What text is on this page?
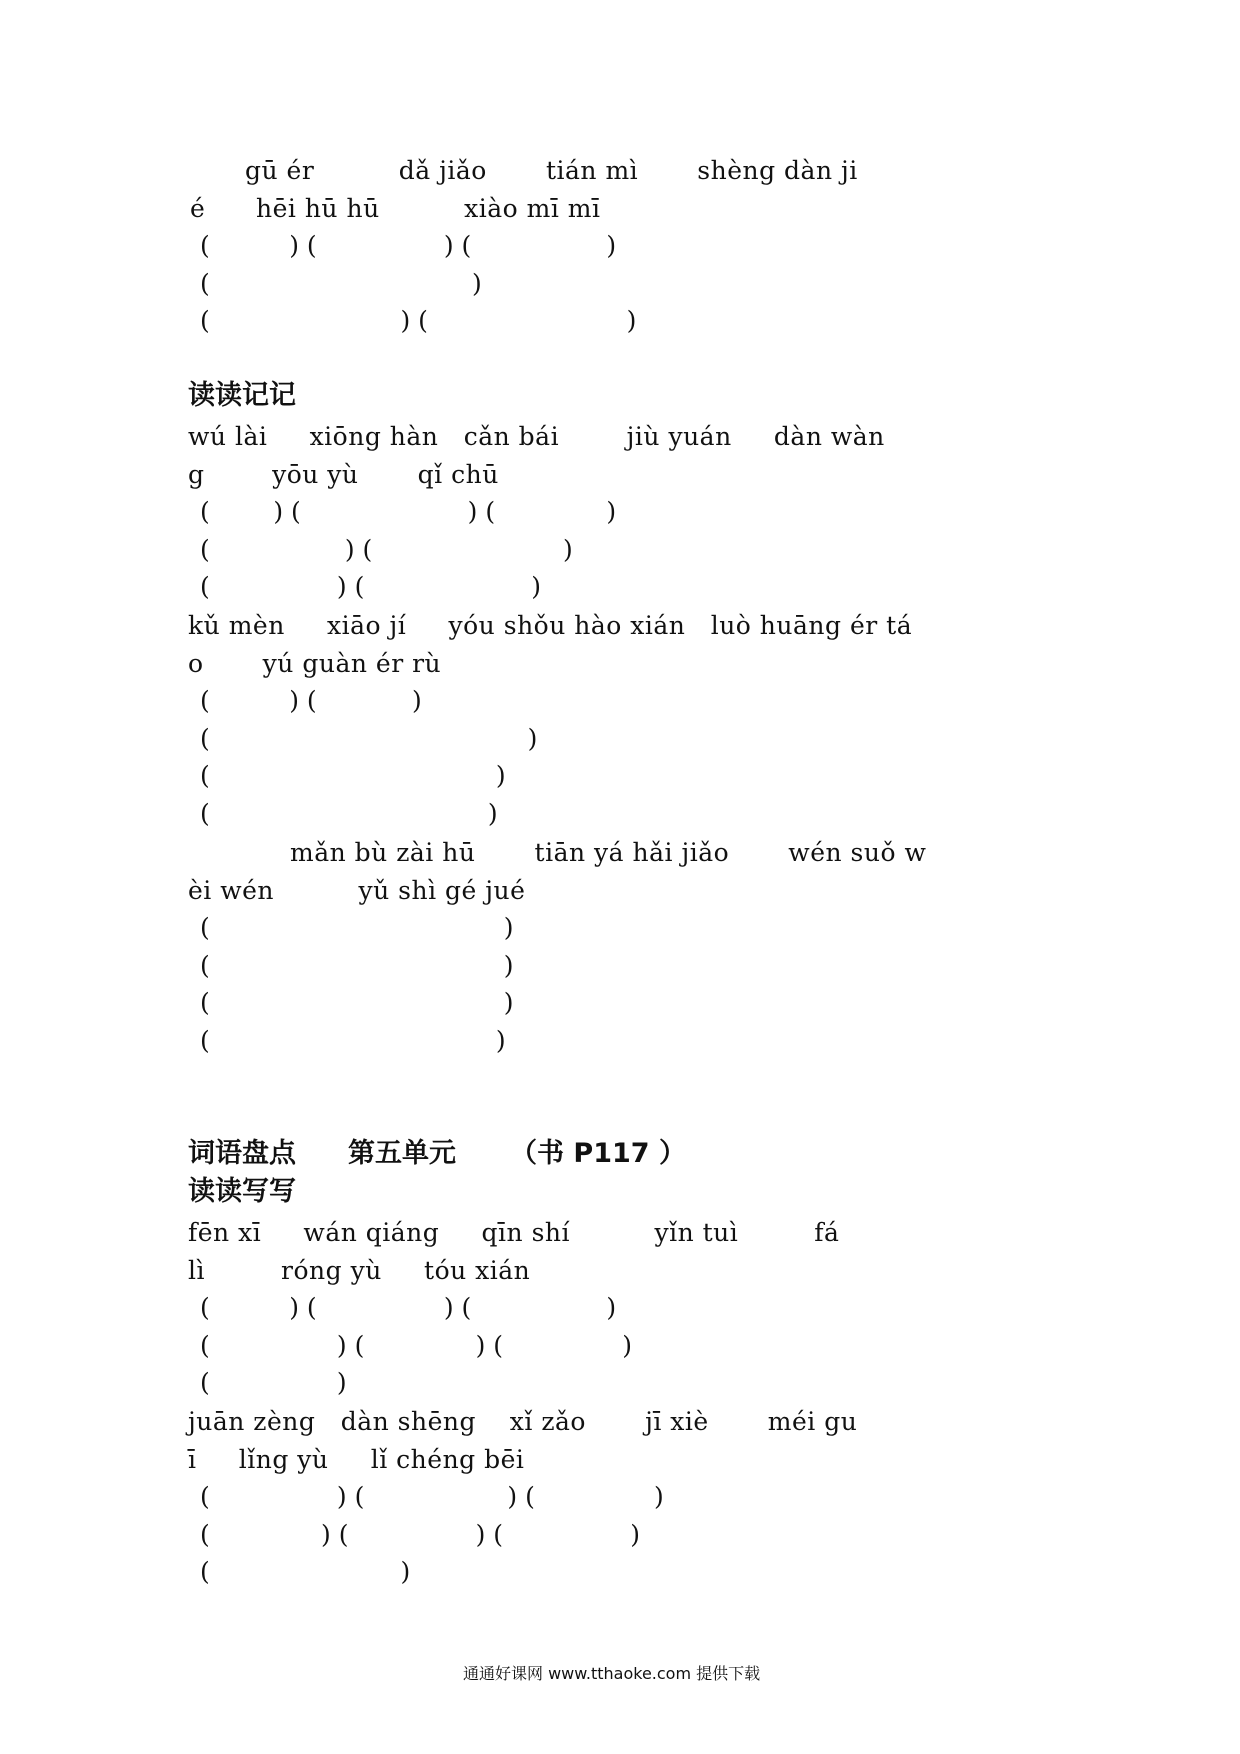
gū ér          dǎ jiǎo       tián mì       shèng dàn ji
é      hēi hū hū          xiào mī mī
(          ) (                ) (                 )
(                                 )
(                        ) (                         )
读读记记
wú lài     xiōng hàn   cǎn bái        jiù yuán     dàn wàn
g        yōu yù       qǐ chū
(        ) (                     ) (              )
(                 ) (                        )
(                ) (                     )
kǔ mèn     xiāo jí     yóu shǒu hào xián   luò huāng ér tá
o       yú guàn ér rù
(          ) (            )
(                                        )
(                                    )
(                                   )
mǎn bù zài hū       tiān yá hǎi jiǎo       wén suǒ w
èi wén          yǔ shì gé jué
(                                     )
(                                     )
(                                     )
(                                    )
词语盘点 第五单元 （书 P117 ）
读读写写
fēn xī     wán qiáng     qīn shí          yǐn tuì         fá
lì         róng yù     tóu xián
(          ) (                ) (                 )
(                ) (              ) (               )
(                )
juān zèng   dàn shēng    xǐ zǎo       jī xiè       méi gu
ī     lǐng yù     lǐ chéng bēi
(                ) (                  ) (               )
(              ) (                ) (                )
(                        )
通通好课网 www.tthaoke.com 提供下载
